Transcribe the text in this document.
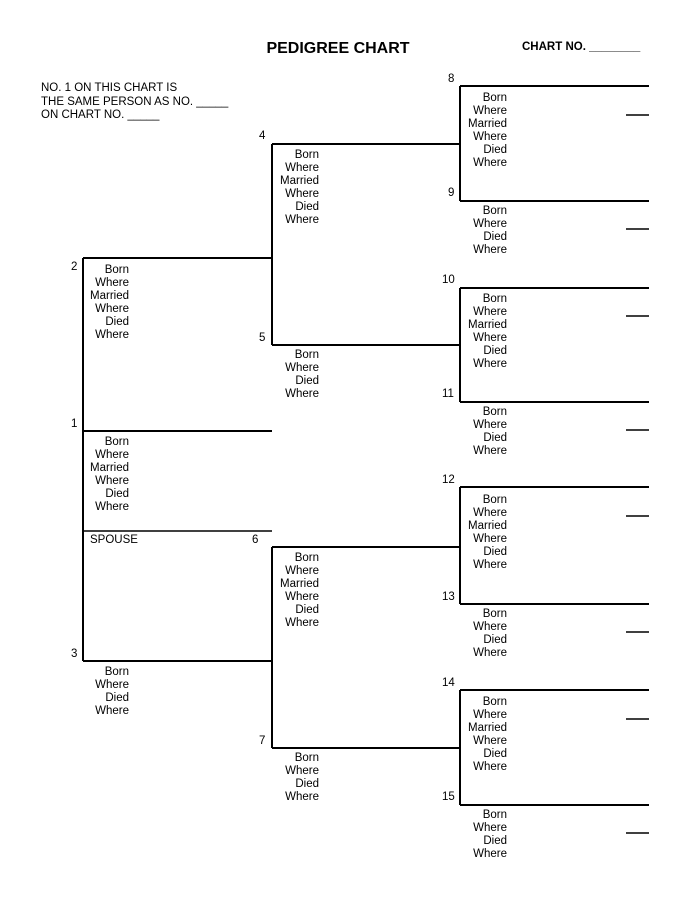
PEDIGREE CHART	CHART NO. ________
NO. 1 ON THIS CHART IS
THE SAME PERSON AS NO. _____
ON CHART NO. _____
1
2
3
4
5
6
7
8
9
10
11
12
13
14
15
SPOUSE
Born
Where
Married
Where
Died
Where
Born
Where
Married
Where
Died
Where
Born
Where
Married
Where
Died
Where
Born
Where
Married
Where
Died
Where
Born
Where
Married
Where
Died
Where
Born
Where
Married
Where
Died
Where
Born
Where
Married
Where
Died
Where
Born
Where
Married
Where
Died
Where
Born
Where
Died
Where
Born
Where
Died
Where
Born
Where
Died
Where
Born
Where
Died
Where
Born
Where
Died
Where
Born
Where
Died
Where
Born
Where
Died
Where
